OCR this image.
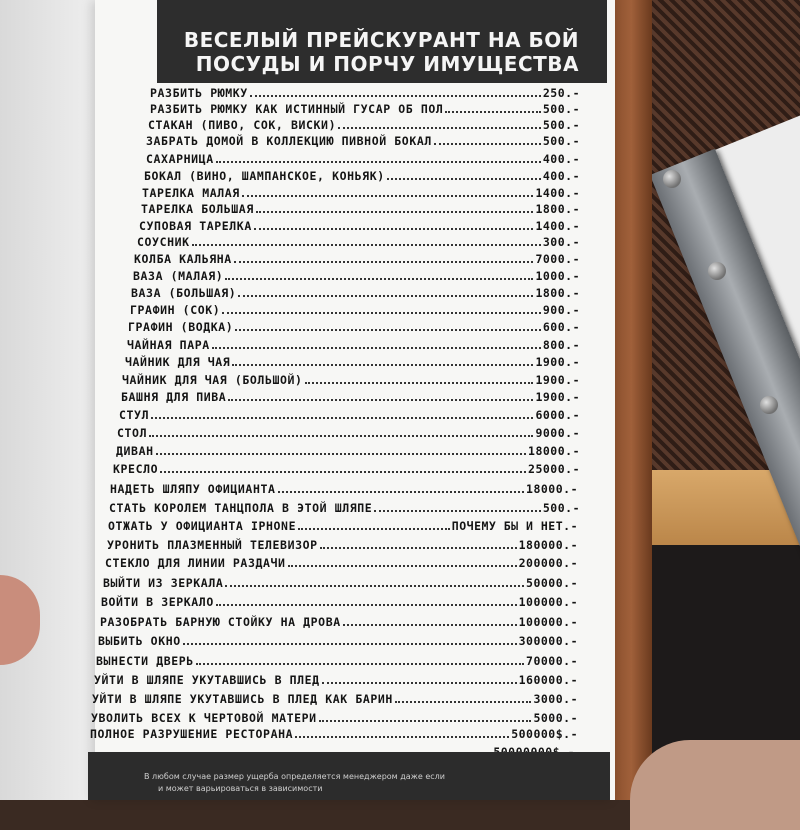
ВЕСЕЛЫЙ ПРЕЙСКУРАНТ НА БОЙ
ПОСУДЫ И ПОРЧУ ИМУЩЕСТВА
РАЗБИТЬ РЮМКУ	250.-
РАЗБИТЬ РЮМКУ КАК ИСТИННЫЙ ГУСАР ОБ ПОЛ	500.-
СТАКАН (ПИВО, СОК, ВИСКИ)	500.-
ЗАБРАТЬ ДОМОЙ В КОЛЛЕКЦИЮ ПИВНОЙ БОКАЛ	500.-
САХАРНИЦА	400.-
БОКАЛ (ВИНО, ШАМПАНСКОЕ, КОНЬЯК)	400.-
ТАРЕЛКА МАЛАЯ	1400.-
ТАРЕЛКА БОЛЬШАЯ	1800.-
СУПОВАЯ ТАРЕЛКА	1400.-
СОУСНИК	300.-
КОЛБА КАЛЬЯНА	7000.-
ВАЗА (МАЛАЯ)	1000.-
ВАЗА (БОЛЬШАЯ)	1800.-
ГРАФИН (СОК)	900.-
ГРАФИН (ВОДКА)	600.-
ЧАЙНАЯ ПАРА	800.-
ЧАЙНИК ДЛЯ ЧАЯ	1900.-
ЧАЙНИК ДЛЯ ЧАЯ (БОЛЬШОЙ)	1900.-
БАШНЯ ДЛЯ ПИВА	1900.-
СТУЛ	6000.-
СТОЛ	9000.-
ДИВАН	18000.-
КРЕСЛО	25000.-
НАДЕТЬ ШЛЯПУ ОФИЦИАНТА	18000.-
СТАТЬ КОРОЛЕМ ТАНЦПОЛА В ЭТОЙ ШЛЯПЕ	500.-
ОТЖАТЬ У ОФИЦИАНТА IPHONE	ПОЧЕМУ БЫ И НЕТ.-
УРОНИТЬ ПЛАЗМЕННЫЙ ТЕЛЕВИЗОР	180000.-
СТЕКЛО ДЛЯ ЛИНИИ РАЗДАЧИ	200000.-
ВЫЙТИ ИЗ ЗЕРКАЛА	50000.-
ВОЙТИ В ЗЕРКАЛО	100000.-
РАЗОБРАТЬ БАРНУЮ СТОЙКУ НА ДРОВА	100000.-
ВЫБИТЬ ОКНО	300000.-
ВЫНЕСТИ ДВЕРЬ	70000.-
УЙТИ В ШЛЯПЕ УКУТАВШИСЬ В ПЛЕД	160000.-
УЙТИ В ШЛЯПЕ УКУТАВШИСЬ В ПЛЕД КАК БАРИН	3000.-
УВОЛИТЬ ВСЕХ К ЧЕРТОВОЙ МАТЕРИ	5000.-
ПОЛНОЕ РАЗРУШЕНИЕ РЕСТОРАНА	500000$.-
В любом случае размер ущерба определяется менеджером даже если
и может варьироваться в зависимости
